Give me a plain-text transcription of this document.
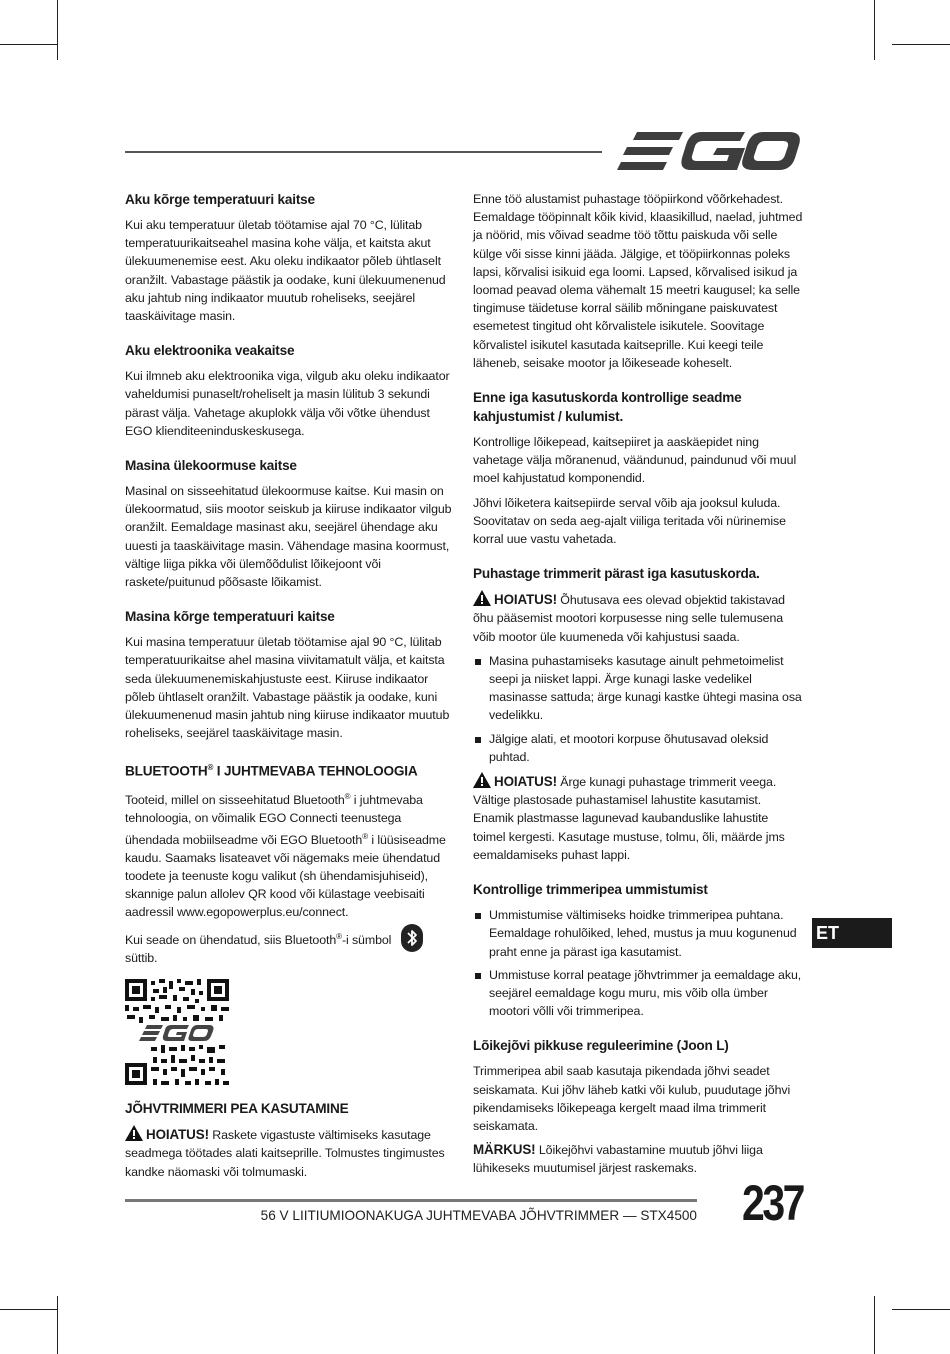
Aku kõrge temperatuuri kaitse

Kui aku temperatuur ületab töötamise ajal 70 °C, lülitab temperatuurikaitseahel masina kohe välja, et kaitsta akut ülekuumenemise eest. Aku oleku indikaator põleb ühtlaselt oranžilt. Vabastage päästik ja oodake, kuni ülekuumenenud aku jahtub ning indikaator muutub roheliseks, seejärel taaskäivitage masin.

Aku elektroonika veakaitse

Kui ilmneb aku elektroonika viga, vilgub aku oleku indikaator vaheldumisi punaselt/roheliselt ja masin lülitub 3 sekundi pärast välja. Vahetage akuplokk välja või võtke ühendust EGO klienditeeninduskeskusega.

Masina ülekoormuse kaitse

Masinal on sisseehitatud ülekoormuse kaitse. Kui masin on ülekoormatud, siis mootor seiskub ja kiiruse indikaator vilgub oranžilt. Eemaldage masinast aku, seejärel ühendage aku uuesti ja taaskäivitage masin. Vähendage masina koormust, vältige liiga pikka või ülemõõdulist lõikejoont või raskete/puitunud põõsaste lõikamist.

Masina kõrge temperatuuri kaitse

Kui masina temperatuur ületab töötamise ajal 90 °C, lülitab temperatuurikaitse ahel masina viivitamatult välja, et kaitsta seda ülekuumenemiskahjustuste eest. Kiiruse indikaator põleb ühtlaselt oranžilt. Vabastage päästik ja oodake, kuni ülekuumenenud masin jahtub ning kiiruse indikaator muutub roheliseks, seejärel taaskäivitage masin.

BLUETOOTH® I JUHTMEVABA TEHNOLOOGIA

Tooteid, millel on sisseehitatud Bluetooth® i juhtmevaba tehnoloogia, on võimalik EGO Connecti teenustega ühendada mobiilseadme või EGO Bluetooth® i lüüsiseadme kaudu. Saamaks lisateavet või nägemaks meie ühendatud toodete ja teenuste kogu valikut (sh ühendamisjuhiseid), skannige palun allolev QR kood või külastage veebisaiti aadressil www.egopowerplus.eu/connect.

Kui seade on ühendatud, siis Bluetooth®-i sümbol süttib.

JÕHVTRIMMERI PEA KASUTAMINE

HOIATUS! Raskete vigastuste vältimiseks kasutage seadmega töötades alati kaitseprille. Tolmustes tingimustes kandke näomaski või tolmumaski.

Enne töö alustamist puhastage tööpiirkond võõrkehadest. Eemaldage tööpinnalt kõik kivid, klaasikillud, naelad, juhtmed ja nöörid, mis võivad seadme töö tõttu paiskuda või selle külge või sisse kinni jääda. Jälgige, et tööpiirkonnas poleks lapsi, kõrvalisi isikuid ega loomi. Lapsed, kõrvalised isikud ja loomad peavad olema vähemalt 15 meetri kaugusel; ka selle tingimuse täidetuse korral säilib mõningane paiskuvatest esemetest tingitud oht kõrvalistele isikutele. Soovitage kõrvalistel isikutel kasutada kaitseprille. Kui keegi teile läheneb, seisake mootor ja lõikeseade koheselt.

Enne iga kasutuskorda kontrollige seadme kahjustumist / kulumist.

Kontrollige lõikepead, kaitsepiiret ja aaskäepidet ning vahetage välja mõranenud, väändunud, paindunud või muul moel kahjustatud komponendid.

Jõhvi lõiketera kaitsepiirde serval võib aja jooksul kuluda. Soovitatav on seda aeg-ajalt viiliga teritada või nürinemise korral uue vastu vahetada.

Puhastage trimmerit pärast iga kasutuskorda.

HOIATUS! Õhutusava ees olevad objektid takistavad õhu pääsemist mootori korpusesse ning selle tulemusena võib mootor üle kuumeneda või kahjustusi saada.

Masina puhastamiseks kasutage ainult pehmetoimelist seepi ja niisket lappi. Ärge kunagi laske vedelikel masinasse sattuda; ärge kunagi kastke ühtegi masina osa vedelikku.
Jälgige alati, et mootori korpuse õhutusavad oleksid puhtad.

HOIATUS! Ärge kunagi puhastage trimmerit veega. Vältige plastosade puhastamisel lahustite kasutamist. Enamik plastmasse lagunevad kaubanduslike lahustite toimel kergesti. Kasutage mustuse, tolmu, õli, määrde jms eemaldamiseks puhast lappi.

Kontrollige trimmeripea ummistumist
Ummistumise vältimiseks hoidke trimmeripea puhtana. Eemaldage rohulõiked, lehed, mustus ja muu kogunenud praht enne ja pärast iga kasutamist.
Ummistuse korral peatage jõhvtrimmer ja eemaldage aku, seejärel eemaldage kogu muru, mis võib olla ümber mootori võlli või trimmeripea.
Lõikejõvi pikkuse reguleerimine (Joon L)

Trimmeripea abil saab kasutaja pikendada jõhvi seadet seiskamata. Kui jõhv läheb katki või kulub, puudutage jõhvi pikendamiseks lõikepeaga kergelt maad ilma trimmerit seiskamata.

MÄRKUS! Lõikejõhvi vabastamine muutub jõhvi liiga lühikeseks muutumisel järjest raskemaks.

ET
56 V LIITIUMIOONAKUGA JUHTMEVABA JÕHVTRIMMER — STX4500 237
